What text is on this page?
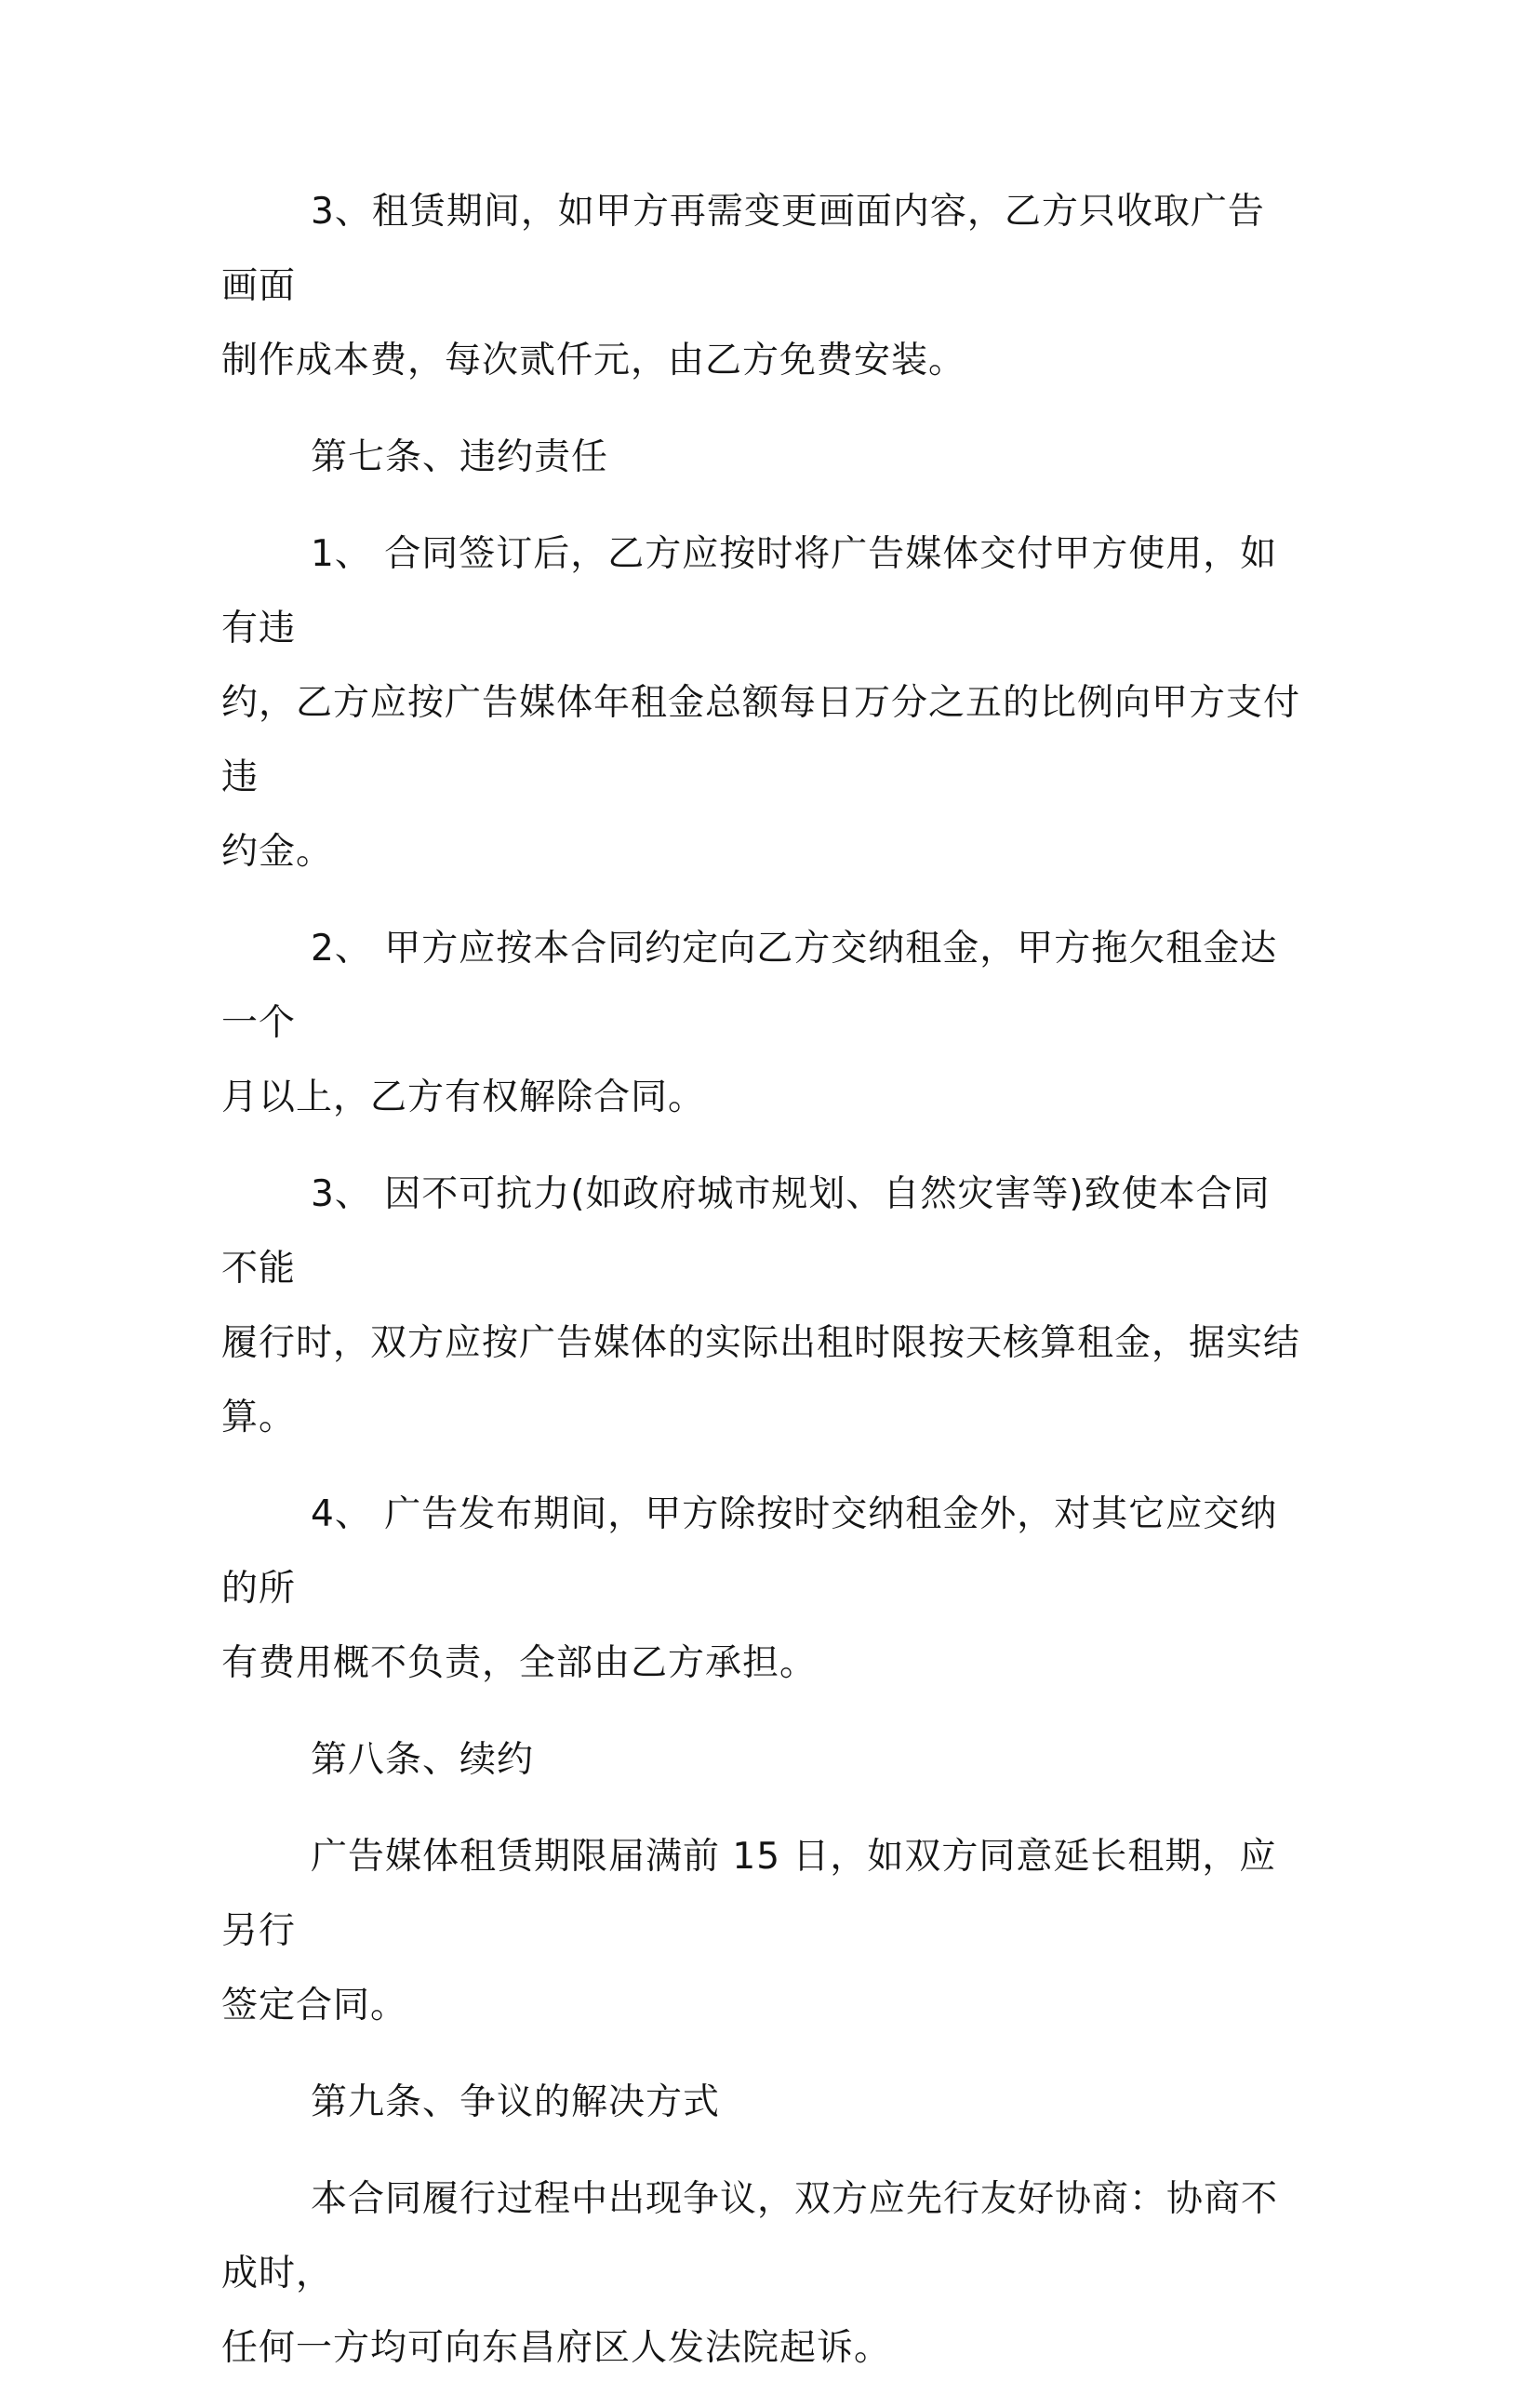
3、租赁期间，如甲方再需变更画面内容，乙方只收取广告画面
制作成本费，每次贰仟元，由乙方免费安装。

第七条、违约责任

1、 合同签订后，乙方应按时将广告媒体交付甲方使用，如有违
约，乙方应按广告媒体年租金总额每日万分之五的比例向甲方支付违
约金。

2、 甲方应按本合同约定向乙方交纳租金，甲方拖欠租金达一个
月以上，乙方有权解除合同。

3、 因不可抗力(如政府城市规划、自然灾害等)致使本合同不能
履行时，双方应按广告媒体的实际出租时限按天核算租金，据实结算。

4、 广告发布期间，甲方除按时交纳租金外，对其它应交纳的所
有费用概不负责，全部由乙方承担。

第八条、续约

广告媒体租赁期限届满前 15 日，如双方同意延长租期，应另行
签定合同。

第九条、争议的解决方式

本合同履行过程中出现争议，双方应先行友好协商：协商不成时，
任何一方均可向东昌府区人发法院起诉。
